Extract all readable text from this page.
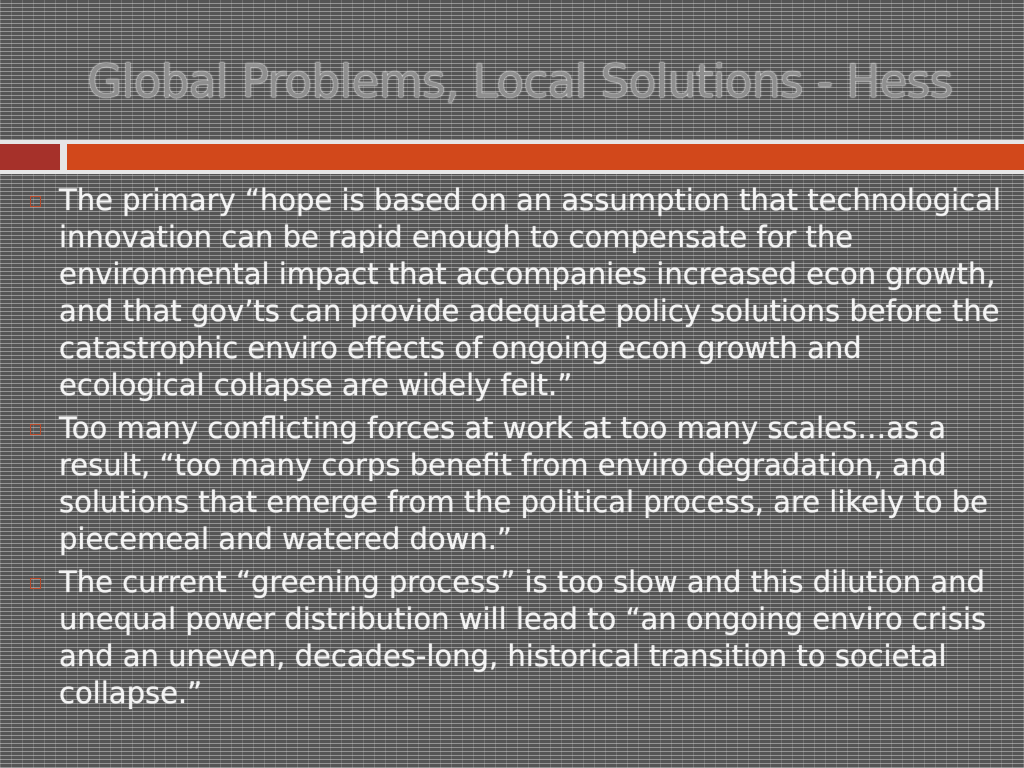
Global Problems, Local Solutions - Hess
The primary “hope is based on an assumption that technological innovation can be rapid enough to compensate for the environmental impact that accompanies increased econ growth, and that gov’ts can provide adequate policy solutions before the catastrophic enviro effects of ongoing econ growth and ecological collapse are widely felt.”
Too many conflicting forces at work at too many scales…as a result, “too many corps benefit from enviro degradation, and solutions that emerge from the political process, are likely to be piecemeal and watered down.”
The current “greening process” is too slow and this dilution and unequal power distribution will lead to “an ongoing enviro crisis and an uneven, decades-long, historical transition to societal collapse.”
